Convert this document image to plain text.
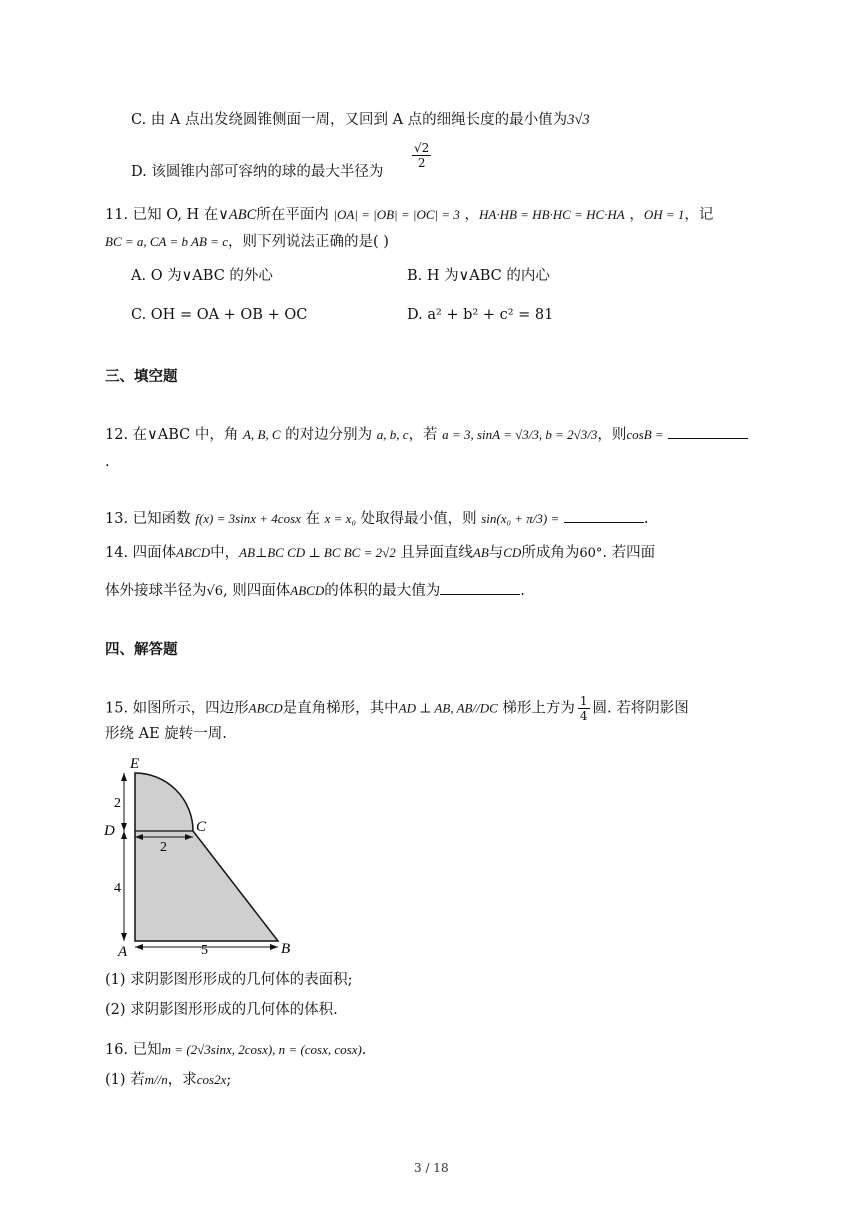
C. 由 A 点出发绕圆锥侧面一周，又回到 A 点的细绳长度的最小值为3√3
D. 该圆锥内部可容纳的球的最大半径为
$\frac{√2}{2}$
11. 已知 O, H 在∨ABC所在平面内 |OA| = |OB| = |OC| = 3 ，HA·HB = HB·HC = HC·HA ，OH = 1，记
BC = a, CA = b AB = c，则下列说法正确的是( )
A. O 为∨ABC 的外心	B. H 为∨ABC 的内心
C. OH = OA + OB + OC	D. a² + b² + c² = 81
三、填空题
12. 在∨ABC 中，角 A, B, C 的对边分别为 a, b, c，若 a = 3, sinA = √3/3, b = 2√3/3，则cosB =
.
13. 已知函数 f(x) = 3sinx + 4cosx 在 x = x₀ 处取得最小值，则 sin(x₀ + π/3) =	.
14. 四面体ABCD中，AB⊥BC CD ⊥ BC BC = 2√2 且异面直线AB与CD所成角为60°. 若四面
体外接球半径为√6, 则四面体ABCD的体积的最大值为	.
四、解答题
15. 如图所示，四边形ABCD是直角梯形，其中AD ⊥ AB, AB//DC 梯形上方为 $\frac{1}{4}$ 圆. 若将阴影图
形绕 AE 旋转一周.
E
D	C
A	B
2
2
4
5
(1) 求阴影图形形成的几何体的表面积;
(2) 求阴影图形形成的几何体的体积.
16. 已知m = (2√3sinx, 2cosx), n = (cosx, cosx).
(1) 若m//n，求cos2x;
3 / 18
